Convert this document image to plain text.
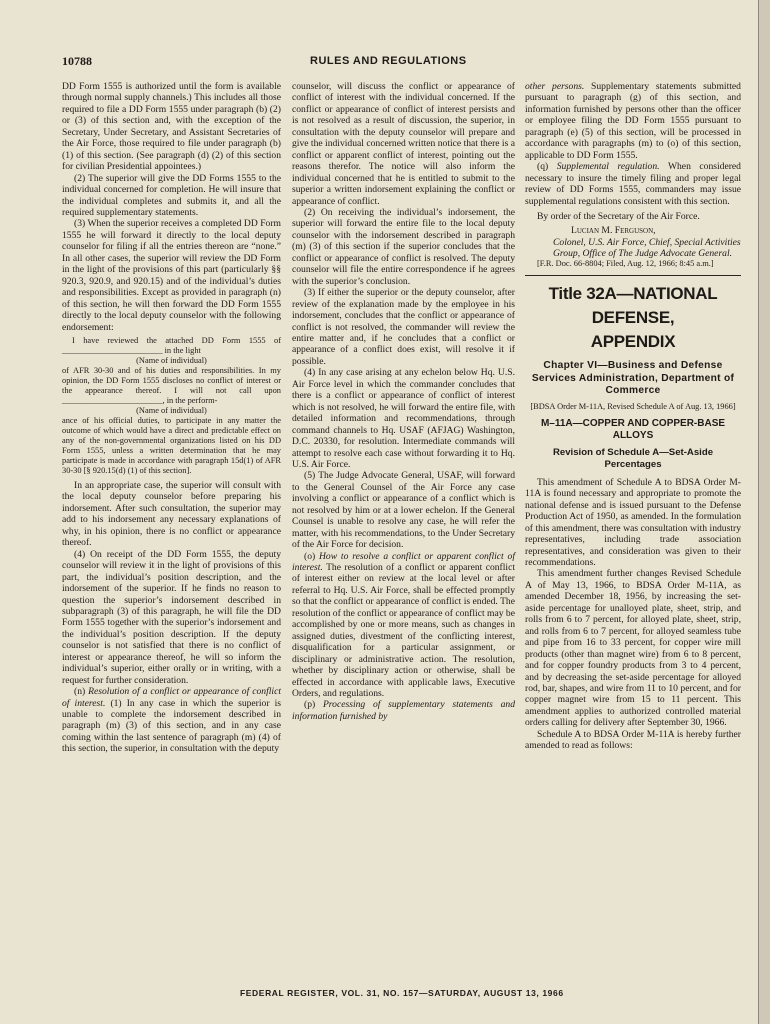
10788	RULES AND REGULATIONS

DD Form 1555 is authorized until the form is available through normal supply channels.) This includes all those required to file a DD Form 1555 under paragraph (b) (2) or (3) of this section and, with the exception of the Secretary, Under Secretary, and Assistant Secretaries of the Air Force, those required to file under paragraph (b) (1) of this section. (See paragraph (d) (2) of this section for civilian Presidential appointees.)

(2) The superior will give the DD Forms 1555 to the individual concerned for completion. He will insure that the individual completes and submits it, and all the required supplementary statements.

(3) When the superior receives a completed DD Form 1555 he will forward it directly to the local deputy counselor for filing if all the entries thereon are “none.” In all other cases, the superior will review the DD Form in the light of the provisions of this part (particularly §§ 920.3, 920.9, and 920.15) and of the individual’s duties and responsibilities. Except as provided in paragraph (n) of this section, he will then forward the DD Form 1555 directly to the local deputy counselor with the following endorsement:

I have reviewed the attached DD Form 1555 of ________________________ in the light

(Name of individual)

of AFR 30-30 and of his duties and responsibilities. In my opinion, the DD Form 1555 discloses no conflict of interest or the appearance thereof. I will not call upon ________________________, in the perform-

(Name of individual)

ance of his official duties, to participate in any matter the outcome of which would have a direct and predictable effect on any of the non-governmental organizations listed on his DD Form 1555, unless a written determination that he may participate is made in accordance with paragraph 15d(1) of AFR 30-30 [§ 920.15(d) (1) of this section].

In an appropriate case, the superior will consult with the local deputy counselor before preparing his indorsement. After such consultation, the superior may add to his indorsement any necessary explanations of why, in his opinion, there is no conflict or appearance thereof.

(4) On receipt of the DD Form 1555, the deputy counselor will review it in the light of provisions of this part, the individual’s position description, and the indorsement of the superior. If he finds no reason to question the superior’s indorsement described in subparagraph (3) of this paragraph, he will file the DD Form 1555 together with the superior’s indorsement and the individual’s position description. If the deputy counselor is not satisfied that there is no conflict of interest or appearance thereof, he will so inform the individual’s superior, either orally or in writing, with a request for further consideration.

(n) Resolution of a conflict or appearance of conflict of interest. (1) In any case in which the superior is unable to complete the indorsement described in paragraph (m) (3) of this section, and in any case coming within the last sentence of paragraph (m) (4) of this section, the superior, in consultation with the deputy

counselor, will discuss the conflict or appearance of conflict of interest with the individual concerned. If the conflict or appearance of conflict of interest persists and is not resolved as a result of discussion, the superior, in consultation with the deputy counselor will prepare and give the individual concerned written notice that there is a conflict or apparent conflict of interest, pointing out the reasons therefor. The notice will also inform the individual concerned that he is entitled to submit to the superior a written indorsement explaining the conflict or appearance of conflict.

(2) On receiving the individual’s indorsement, the superior will forward the entire file to the local deputy counselor with the indorsement described in paragraph (m) (3) of this section if the superior concludes that the conflict or appearance of conflict is resolved. The deputy counselor will file the entire correspondence if he agrees with the superior’s conclusion.

(3) If either the superior or the deputy counselor, after review of the explanation made by the employee in his indorsement, concludes that the conflict or appearance of conflict is not resolved, the commander will review the entire matter and, if he concludes that a conflict or appearance of a conflict does exist, will resolve it if possible.

(4) In any case arising at any echelon below Hq. U.S. Air Force level in which the commander concludes that there is a conflict or appearance of conflict of interest which is not resolved, he will forward the entire file, with detailed information and recommendations, through command channels to Hq. USAF (AFJAG) Washington, D.C. 20330, for resolution. Intermediate commands will attempt to resolve each case without forwarding it to Hq. U.S. Air Force.

(5) The Judge Advocate General, USAF, will forward to the General Counsel of the Air Force any case involving a conflict or appearance of a conflict which is not resolved by him or at a lower echelon. If the General Counsel is unable to resolve any case, he will refer the matter, with his recommendations, to the Under Secretary of the Air Force for decision.

(o) How to resolve a conflict or apparent conflict of interest. The resolution of a conflict or apparent conflict of interest either on review at the local level or after referral to Hq. U.S. Air Force, shall be effected promptly so that the conflict or appearance of conflict is ended. The resolution of the conflict or appearance of conflict may be accomplished by one or more means, such as changes in assigned duties, divestment of the conflicting interest, disqualification for a particular assignment, or disciplinary or administrative action. The resolution, whether by disciplinary action or otherwise, shall be effected in accordance with applicable laws, Executive Orders, and regulations.

(p) Processing of supplementary statements and information furnished by

other persons. Supplementary statements submitted pursuant to paragraph (g) of this section, and information furnished by persons other than the officer or employee filing the DD Form 1555 pursuant to paragraph (e) (5) of this section, will be processed in accordance with paragraphs (m) to (o) of this section, applicable to DD Form 1555.

(q) Supplemental regulation. When considered necessary to insure the timely filing and proper legal review of DD Forms 1555, commanders may issue supplemental regulations consistent with this section.

By order of the Secretary of the Air Force.

Lucian M. Ferguson,
Colonel, U.S. Air Force, Chief, Special Activities Group, Office of The Judge Advocate General.

[F.R. Doc. 66-8804; Filed, Aug. 12, 1966; 8:45 a.m.]

Title 32A—NATIONAL DEFENSE,
APPENDIX
Chapter VI—Business and Defense Services Administration, Department of Commerce

[BDSA Order M-11A, Revised Schedule A of Aug. 13, 1966]

M–11A—COPPER AND COPPER-BASE ALLOYS
Revision of Schedule A—Set-Aside Percentages

This amendment of Schedule A to BDSA Order M-11A is found necessary and appropriate to promote the national defense and is issued pursuant to the Defense Production Act of 1950, as amended. In the formulation of this amendment, there was consultation with industry representatives, including trade association representatives, and consideration was given to their recommendations.

This amendment further changes Revised Schedule A of May 13, 1966, to BDSA Order M-11A, as amended December 18, 1956, by increasing the set-aside percentage for unalloyed plate, sheet, strip, and rolls from 6 to 7 percent, for alloyed plate, sheet, strip, and rolls from 6 to 7 percent, for alloyed seamless tube and pipe from 16 to 33 percent, for copper wire mill products (other than magnet wire) from 6 to 8 percent, and for copper foundry products from 3 to 4 percent, and by decreasing the set-aside percentage for alloyed rod, bar, shapes, and wire from 11 to 10 percent, and for copper magnet wire from 15 to 11 percent. This amendment applies to authorized controlled material orders calling for delivery after September 30, 1966.

Schedule A to BDSA Order M-11A is hereby further amended to read as follows:

FEDERAL REGISTER, VOL. 31, NO. 157—SATURDAY, AUGUST 13, 1966
